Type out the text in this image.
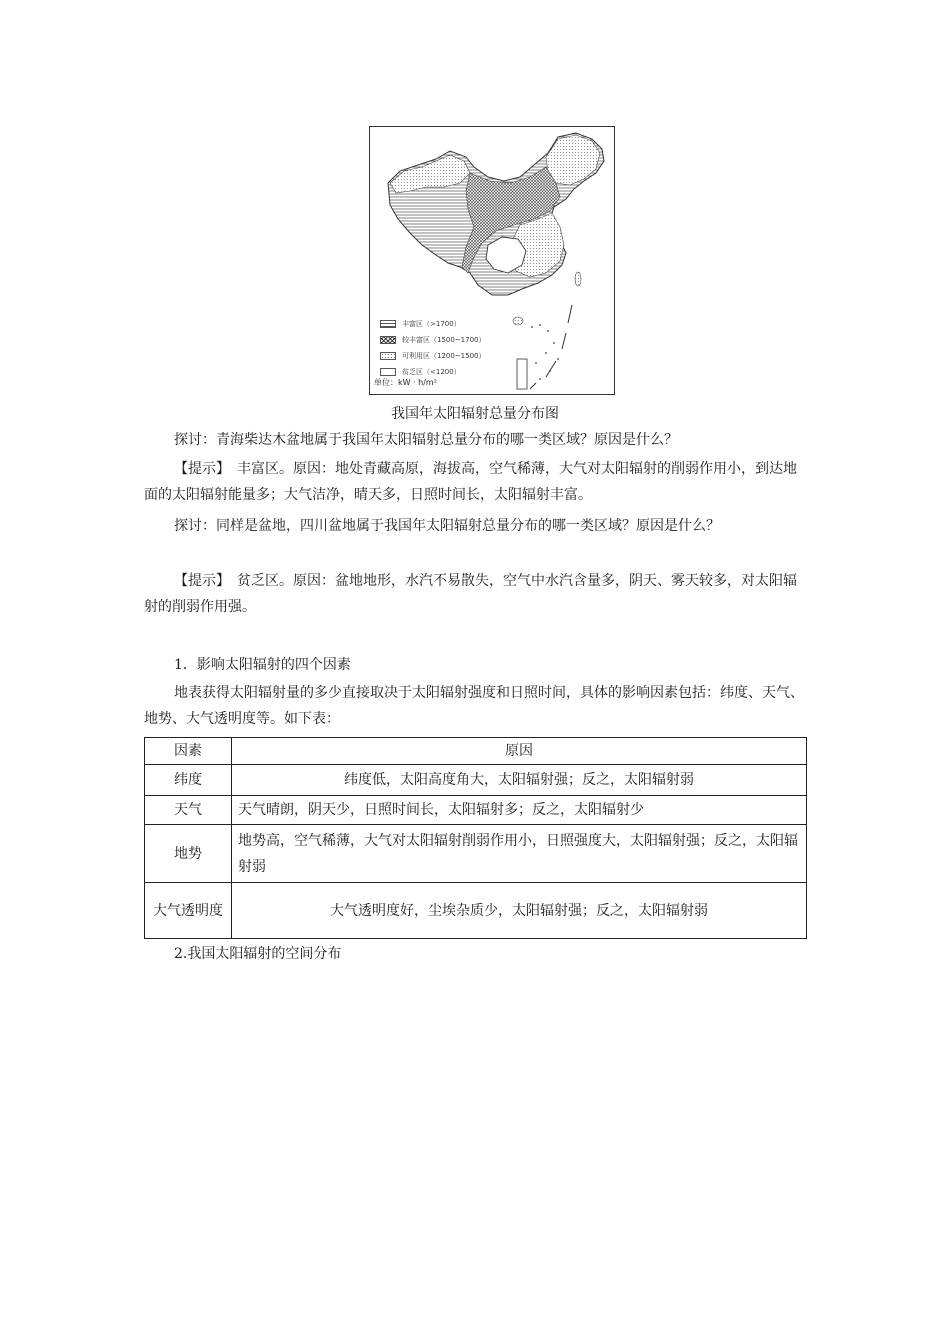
丰富区（>1700）
较丰富区（1500~1700）
可利用区（1200~1500）
贫乏区（<1200）
单位：kW · h/m²
我国年太阳辐射总量分布图

探讨：青海柴达木盆地属于我国年太阳辐射总量分布的哪一类区域？原因是什么？

【提示】　丰富区。原因：地处青藏高原，海拔高，空气稀薄，大气对太阳辐射的削弱作用小，到达地面的太阳辐射能量多；大气洁净，晴天多，日照时间长，太阳辐射丰富。

探讨：同样是盆地，四川盆地属于我国年太阳辐射总量分布的哪一类区域？原因是什么？

【提示】　贫乏区。原因：盆地地形，水汽不易散失，空气中水汽含量多，阴天、雾天较多，对太阳辐射的削弱作用强。

1．影响太阳辐射的四个因素

地表获得太阳辐射量的多少直接取决于太阳辐射强度和日照时间，具体的影响因素包括：纬度、天气、地势、大气透明度等。如下表：

因素	原因
纬度	纬度低，太阳高度角大，太阳辐射强；反之，太阳辐射弱
天气	天气晴朗，阴天少，日照时间长，太阳辐射多；反之，太阳辐射少
地势	地势高，空气稀薄，大气对太阳辐射削弱作用小，日照强度大，太阳辐射强；反之，太阳辐射弱
大气透明度	大气透明度好，尘埃杂质少，太阳辐射强；反之，太阳辐射弱

2.我国太阳辐射的空间分布
